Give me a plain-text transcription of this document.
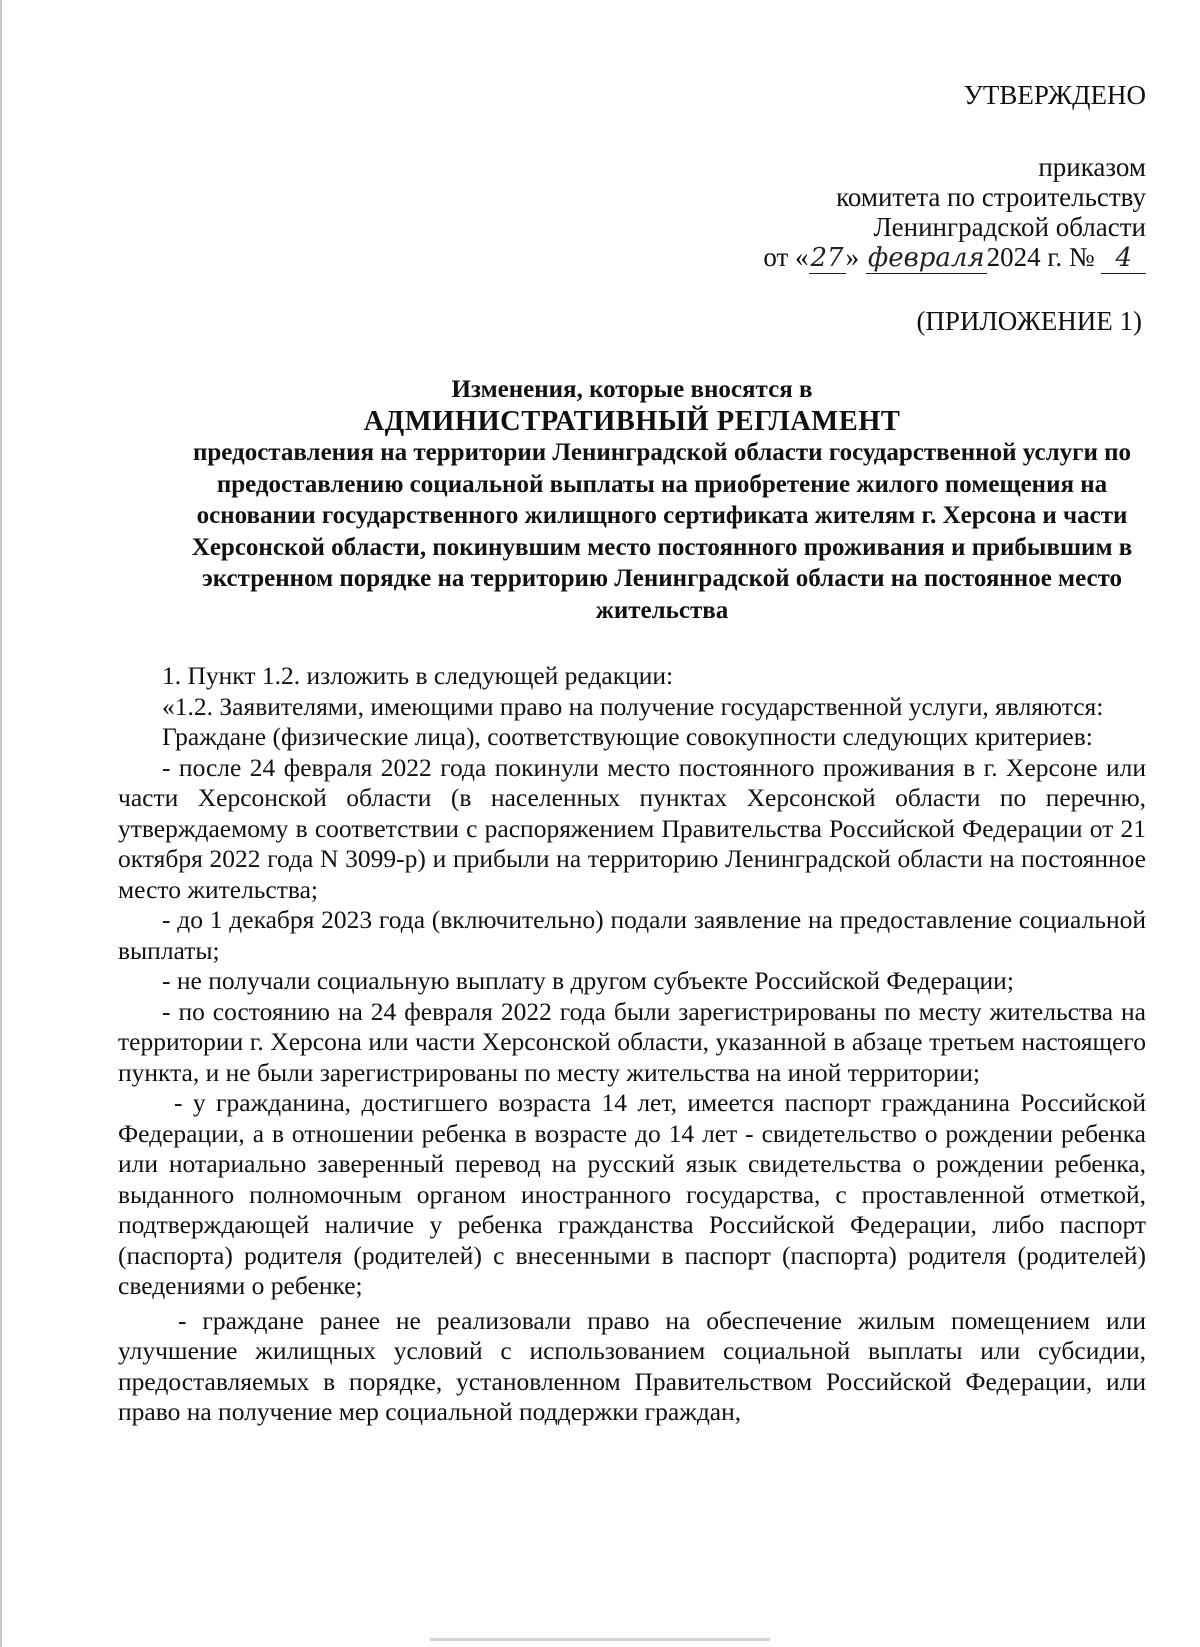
УТВЕРЖДЕНО
приказом
комитета по строительству
Ленинградской области
от «27» февраля2024 г. № 4
(ПРИЛОЖЕНИЕ 1)
Изменения, которые вносятся в
АДМИНИСТРАТИВНЫЙ РЕГЛАМЕНТ
предоставления на территории Ленинградской области государственной услуги по предоставлению социальной выплаты на приобретение жилого помещения на основании государственного жилищного сертификата жителям г. Херсона и части Херсонской области, покинувшим место постоянного проживания и прибывшим в экстренном порядке на территорию Ленинградской области на постоянное место жительства

1. Пункт 1.2. изложить в следующей редакции:

«1.2. Заявителями, имеющими право на получение государственной услуги, являются:

Граждане (физические лица), соответствующие совокупности следующих критериев:

- после 24 февраля 2022 года покинули место постоянного проживания в г. Херсоне или части Херсонской области (в населенных пунктах Херсонской области по перечню, утверждаемому в соответствии с распоряжением Правительства Российской Федерации от 21 октября 2022 года N 3099-р) и прибыли на территорию Ленинградской области на постоянное место жительства;

- до 1 декабря 2023 года (включительно) подали заявление на предоставление социальной выплаты;

- не получали социальную выплату в другом субъекте Российской Федерации;

- по состоянию на 24 февраля 2022 года были зарегистрированы по месту жительства на территории г. Херсона или части Херсонской области, указанной в абзаце третьем настоящего пункта, и не были зарегистрированы по месту жительства на иной территории;

- у гражданина, достигшего возраста 14 лет, имеется паспорт гражданина Российской Федерации, а в отношении ребенка в возрасте до 14 лет - свидетельство о рождении ребенка или нотариально заверенный перевод на русский язык свидетельства о рождении ребенка, выданного полномочным органом иностранного государства, с проставленной отметкой, подтверждающей наличие у ребенка гражданства Российской Федерации, либо паспорт (паспорта) родителя (родителей) с внесенными в паспорт (паспорта) родителя (родителей) сведениями о ребенке;

- граждане ранее не реализовали право на обеспечение жилым помещением или улучшение жилищных условий с использованием социальной выплаты или субсидии, предоставляемых в порядке, установленном Правительством Российской Федерации, или право на получение мер социальной поддержки граждан,
